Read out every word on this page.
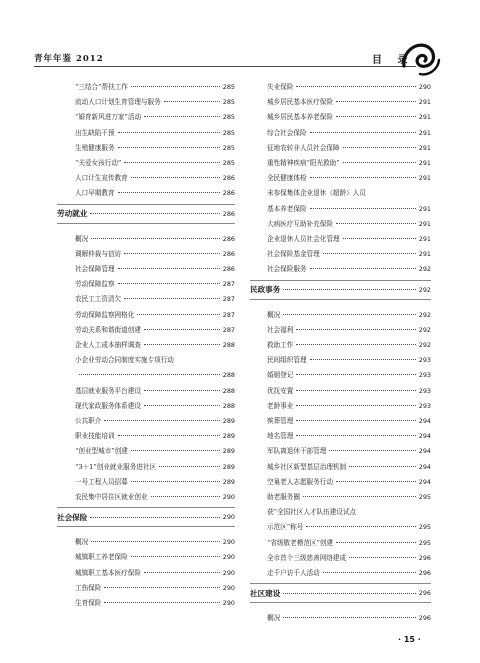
青年年鉴 2012	目 录
“三结合”帮扶工作	285
流动人口计划生育管理与服务	285
“婚育新风进万家”活动	285
出生缺陷干预	285
生殖健康服务	285
“关爱女孩行动”	285
人口计生宣传教育	286
人口早期教育	286
劳动就业	286
概况	286
调解仲裁与信访	286
社会保障管理	286
劳动保障监察	287
农民工工资清欠	287
劳动保障监察网格化	287
劳动关系和谐街道创建	287
企业人工成本抽样调查	288
小企业劳动合同制度实施专项行动
288
基层就业服务平台建设	288
现代家政服务体系建设	288
公共职介	289
职业技能培训	289
“创业型城市”创建	289
“3＋1”创业就业服务进社区	289
一号工程人员招募	289
农民集中居住区就业创业	290
社会保险	290
概况	290
城镇职工养老保险	290
城镇职工基本医疗保险	290
工伤保险	290
生育保险	290
失业保险	290
城乡居民基本医疗保险	291
城乡居民基本养老保险	291
综合社会保险	291
征地农转非人员社会保障	291
重性精神疾病“阳光救助”	291
全民健康体检	291
未参保集体企业退休（超龄）人员
基本养老保险	291
大病医疗互助补充保险	291
企业退休人员社会化管理	291
社会保险基金管理	291
社会保险服务	292
民政事务	292
概况	292
社会福利	292
救助工作	292
民间组织管理	293
婚姻登记	293
优抚安置	293
老龄事业	293
殡葬管理	294
地名管理	294
军队离退休干部管理	294
城乡社区新型基层治理机制	294
空巢老人志愿服务行动	294
助老服务圈	295
获“全国社区人才队伍建设试点
示范区”称号	295
“省级敬老模范区”创建	295
全市首个三级慈善网络建成	296
走千户访千人活动	296
社区建设	296
概况	296
· 15 ·
